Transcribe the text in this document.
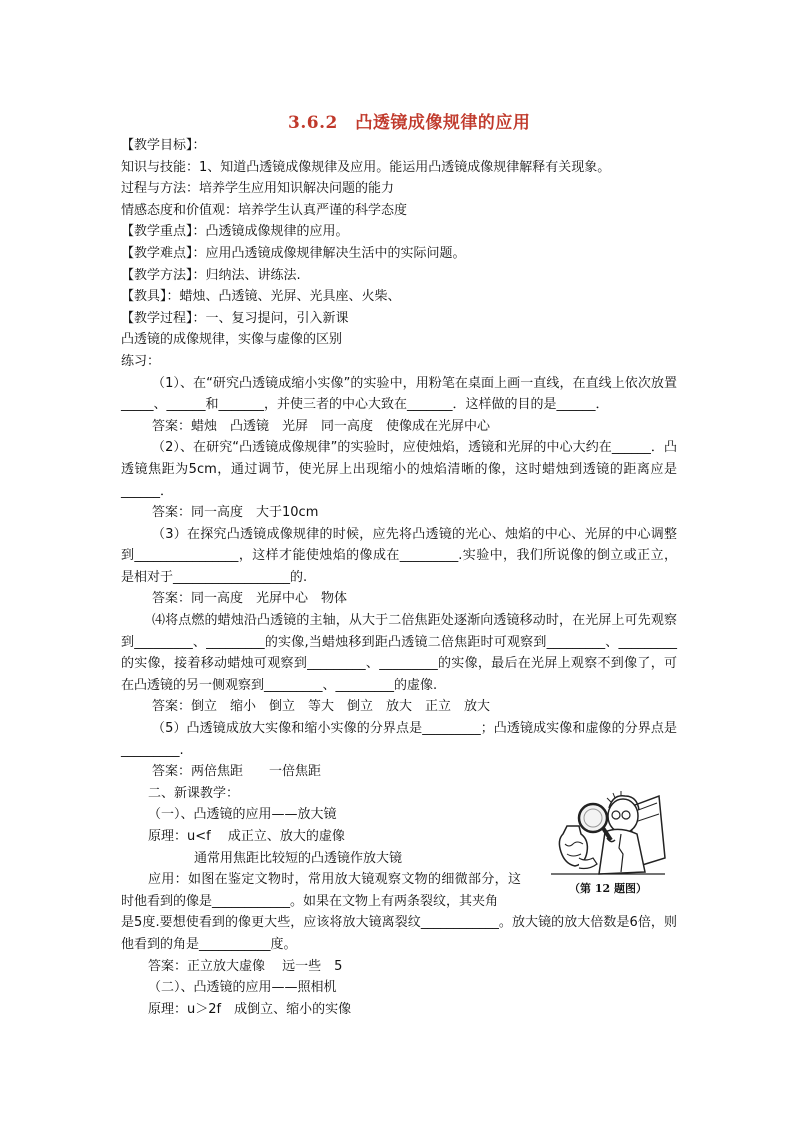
3.6.2　凸透镜成像规律的应用
【教学目标】：
知识与技能：1、知道凸透镜成像规律及应用。能运用凸透镜成像规律解释有关现象。
过程与方法：培养学生应用知识解决问题的能力
情感态度和价值观：培养学生认真严谨的科学态度
【教学重点】：凸透镜成像规律的应用。
【教学难点】：应用凸透镜成像规律解决生活中的实际问题。
【教学方法】：归纳法、讲练法.
【教具】：蜡烛、凸透镜、光屏、光具座、火柴、
【教学过程】：一、复习提问，引入新课
凸透镜的成像规律，实像与虚像的区别
练习：
（1）、在“研究凸透镜成缩小实像”的实验中，用粉笔在桌面上画一直线，在直线上依次放置_____、______和_______，并使三者的中心大致在_______．这样做的目的是______．
答案：蜡烛　凸透镜　光屏　同一高度　使像成在光屏中心
（2）、在研究“凸透镜成像规律”的实验时，应使烛焰，透镜和光屏的中心大约在______．凸透镜焦距为5cm，通过调节，使光屏上出现缩小的烛焰清晰的像，这时蜡烛到透镜的距离应是______．
答案：同一高度　大于10cm
（3）在探究凸透镜成像规律的时候，应先将凸透镜的光心、烛焰的中心、光屏的中心调整到________________，这样才能使烛焰的像成在_________.实验中，我们所说像的倒立或正立，是相对于__________________的.
答案：同一高度　光屏中心　物体
⑷将点燃的蜡烛沿凸透镜的主轴，从大于二倍焦距处逐渐向透镜移动时，在光屏上可先观察到_________、_________的实像,当蜡烛移到距凸透镜二倍焦距时可观察到_________、_________的实像，接着移动蜡烛可观察到_________、_________的实像，最后在光屏上观察不到像了，可在凸透镜的另一侧观察到_________、_________的虚像.
答案：倒立　缩小　倒立　等大　倒立　放大　正立　放大
（5）凸透镜成放大实像和缩小实像的分界点是_________；凸透镜成实像和虚像的分界点是_________.
答案：两倍焦距　　一倍焦距
二、新课教学：
（一）、凸透镜的应用——放大镜
原理：u<f　 成正立、放大的虚像
通常用焦距比较短的凸透镜作放大镜
应用：如图在鉴定文物时，常用放大镜观察文物的细微部分，这时他看到的像是____________。如果在文物上有两条裂纹，其夹角
是5度.要想使看到的像更大些，应该将放大镜离裂纹____________。放大镜的放大倍数是6倍，则他看到的角是___________度。
答案：正立放大虚像　 远一些　5
（二）、凸透镜的应用——照相机
原理：u＞2f　成倒立、缩小的实像
（第 12 题图）
